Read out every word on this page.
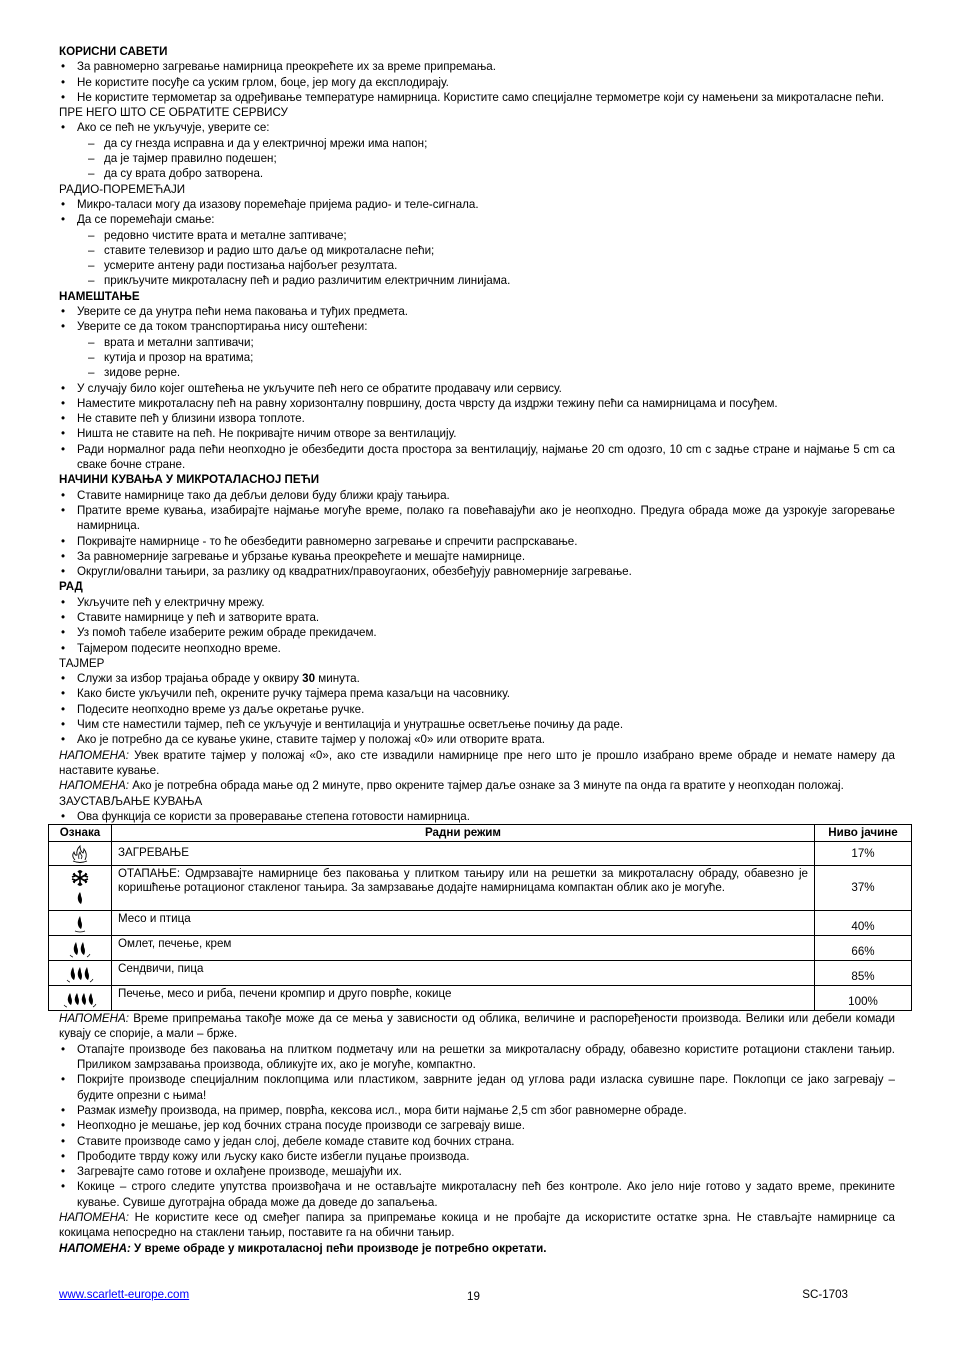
КОРИСНИ САВЕТИ
• За равномерно загревање намирница преокрећете их за време припремања.
• Не користите посуђе са уским грлом, боце, јер могу да експлодирају.
• Не користите термометар за одређивање температуре намирница. Користите само специјалне термометре који су намењени за микроталасне пећи.
ПРЕ НЕГО ШТО СЕ ОБРАТИТЕ СЕРВИСУ
• Ако се пећ не укључује, уверите се:
– да су гнезда исправна и да у електричној мрежи има напон;
– да је тајмер правилно подешен;
– да су врата добро затворена.
РАДИО-ПОРЕМЕЋАЈИ
• Микро-таласи могу да изазову поремећаје пријема радио- и теле-сигнала.
• Да се поремећаји смање:
– редовно чистите врата и металне заптиваче;
– ставите телевизор и радио што даље од микроталасне пећи;
– усмерите антену ради постизања најбољег резултата.
– прикључите микроталасну пећ и радио различитим електричним линијама.
НАМЕШТАЊЕ
• Уверите се да унутра пећи нема паковања и туђих предмета.
• Уверите се да током транспортирања нису оштећени:
– врата и метални заптивачи;
– кутија и прозор на вратима;
– зидове рерне.
• У случају било којег оштећења не укључите пећ него се обратите продавачу или сервису.
• Наместите микроталасну пећ на равну хоризонталну површину, доста чврсту да издржи тежину пећи са намирницама и посуђем.
• Не ставите пећ у близини извора топлоте.
• Ништа не ставите на пећ. Не покривајте ничим отворе за вентилацију.
• Ради нормалног рада пећи неопходно је обезбедити доста простора за вентилацију, најмање 20 cm одозго, 10 cm с задње стране и најмање 5 cm са сваке бочне стране.
НАЧИНИ КУВАЊА У МИКРОТАЛАСНОЈ ПЕЋИ
• Ставите намирнице тако да дебљи делови буду ближи крају тањира.
• Пратите време кувања, изабирајте најмање могуће време, полако га повећавајући ако је неопходно. Предуга обрада може да узрокује загоревање намирница.
• Покривајте намирнице - то ће обезбедити равномерно загревање и спречити распрскавање.
• За равномерније загревање и убрзање кувања преокрећете и мешајте намирнице.
• Округли/овални тањири, за разлику од квадратних/правоугаоних, обезбеђују равномерније загревање.
РАД
• Укључите пећ у електричну мрежу.
• Ставите намирнице у пећ и затворите врата.
• Уз помоћ табеле изаберите режим обраде прекидачем.
• Тајмером подесите неопходно време.
ТАЈМЕР
• Служи за избор трајања обраде у оквиру 30 минута.
• Како бисте укључили пећ, окрените ручку тајмера према казаљци на часовнику.
• Подесите неопходно време уз даље окретање ручке.
• Чим сте наместили тајмер, пећ се укључује и вентилација и унутрашње осветљење почињу да раде.
• Ако је потребно да се кување укине, ставите тајмер у положај «0» или отворите врата.
НАПОМЕНА: Увек вратите тајмер у положај «0», ако сте извадили намирнице пре него што је прошло изабрано време обраде и немате намеру да наставите кување.
НАПОМЕНА: Ако је потребна обрада мање од 2 минуте, прво окрените тајмер даље ознаке за 3 минуте па онда га вратите у неопходан положај.
ЗАУСТАВЉАЊЕ КУВАЊА
• Ова функција се користи за проверавање степена готовости намирница.
Ознака	Радни режим	Ниво јачине

	ЗАГРЕВАЊЕ	17%

	ОТАПАЊЕ: Одмрзавајте намирнице без паковања у плитком тањиру или на решетки за микроталасну обраду, обавезно је коришћење ротационог стакленог тањира. За замрзавање додајте намирницама компактан облик ако је могуће.	37%

	Месо и птица	40%

	Омлет, печење, крем	66%

	Сендвичи, пица	85%

	Печење, месо и риба, печени кромпир и друго поврће, кокице	100%
НАПОМЕНА: Време припремања такође може да се мења у зависности од облика, величине и распоређености производа. Велики или дебели комади кувају се спорије, а мали – брже.
• Отапајте производе без паковања на плитком подметачу или на решетки за микроталасну обраду, обавезно користите ротациони стаклени тањир. Приликом замрзавања производа, обликујте их, ако је могуће, компактно.
• Покријте производе специјалним поклопцима или пластиком, заврните један од углова ради изласка сувишне паре. Поклопци се јако загревају – будите опрезни с њима!
• Размак између производа, на пример, поврћа, кексова исл., мора бити најмање 2,5 cm због равномерне обраде.
• Неопходно је мешање, јер код бочних страна посуде производи се загревају више.
• Ставите производе само у један слој, дебеле комаде ставите код бочних страна.
• Прободите тврду кожу или љуску како бисте избегли пуцање производа.
• Загревајте само готове и охлађене производе, мешајући их.
• Кокице – строго следите упутства произвођача и не остављајте микроталасну пећ без контроле. Ако јело није готово у задато време, прекините кување. Сувише дуготрајна обрада може да доведе до запаљења.
НАПОМЕНА: Не користите кесе од смеђег папира за припремање кокица и не пробајте да искористите остатке зрна. Не стављајте намирнице са кокицама непосредно на стаклени тањир, поставите га на обични тањир.
НАПОМЕНА: У време обраде у микроталасној пећи производе је потребно окретати.
www.scarlett-europe.com	19	SC-1703
